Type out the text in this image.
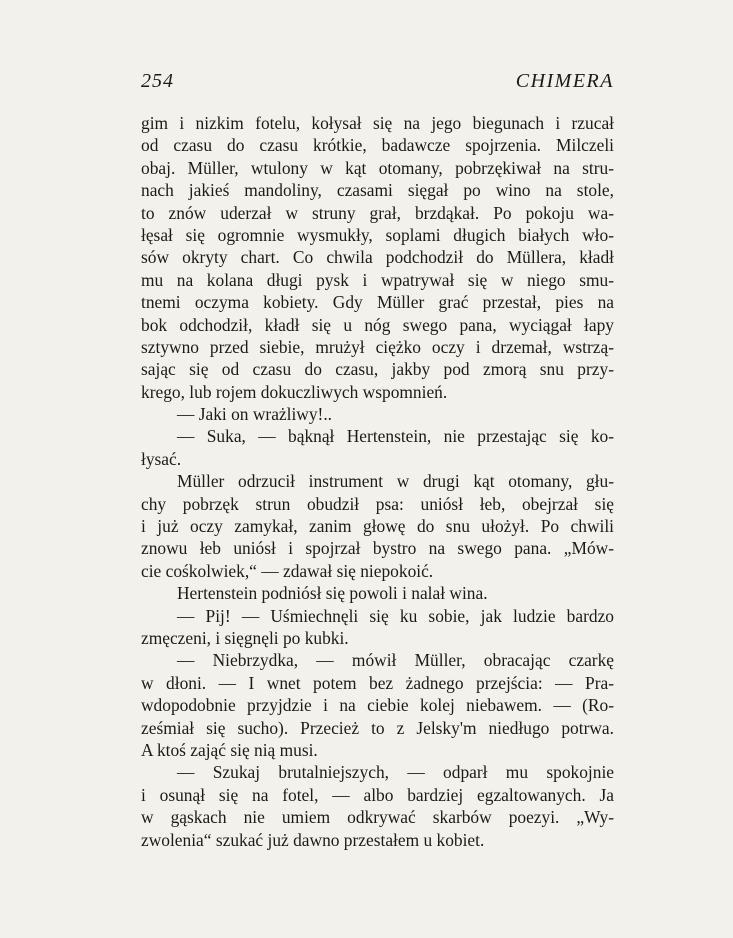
254	CHIMERA
gim i nizkim fotelu, kołysał się na jego biegunach i rzucał
od czasu do czasu krótkie, badawcze spojrzenia. Milczeli
obaj. Müller, wtulony w kąt otomany, pobrzękiwał na stru-
nach jakieś mandoliny, czasami sięgał po wino na stole,
to znów uderzał w struny grał, brzdąkał. Po pokoju wa-
łęsał się ogromnie wysmukły, soplami długich białych wło-
sów okryty chart. Co chwila podchodził do Müllera, kładł
mu na kolana długi pysk i wpatrywał się w niego smu-
tnemi oczyma kobiety. Gdy Müller grać przestał, pies na
bok odchodził, kładł się u nóg swego pana, wyciągał łapy
sztywno przed siebie, mrużył ciężko oczy i drzemał, wstrzą-
sając się od czasu do czasu, jakby pod zmorą snu przy-
krego, lub rojem dokuczliwych wspomnień.
— Jaki on wrażliwy!..
— Suka, — bąknął Hertenstein, nie przestając się ko-
łysać.
Müller odrzucił instrument w drugi kąt otomany, głu-
chy pobrzęk strun obudził psa: uniósł łeb, obejrzał się
i już oczy zamykał, zanim głowę do snu ułożył. Po chwili
znowu łeb uniósł i spojrzał bystro na swego pana. „Mów-
cie cośkolwiek,“ — zdawał się niepokoić.
Hertenstein podniósł się powoli i nalał wina.
— Pij! — Uśmiechnęli się ku sobie, jak ludzie bardzo
zmęczeni, i sięgnęli po kubki.
— Niebrzydka, — mówił Müller, obracając czarkę
w dłoni. — I wnet potem bez żadnego przejścia: — Pra-
wdopodobnie przyjdzie i na ciebie kolej niebawem. — (Ro-
ześmiał się sucho). Przecież to z Jelsky'm niedługo potrwa.
A ktoś zająć się nią musi.
— Szukaj brutalniejszych, — odparł mu spokojnie
i osunął się na fotel, — albo bardziej egzaltowanych. Ja
w gąskach nie umiem odkrywać skarbów poezyi. „Wy-
zwolenia“ szukać już dawno przestałem u kobiet.
